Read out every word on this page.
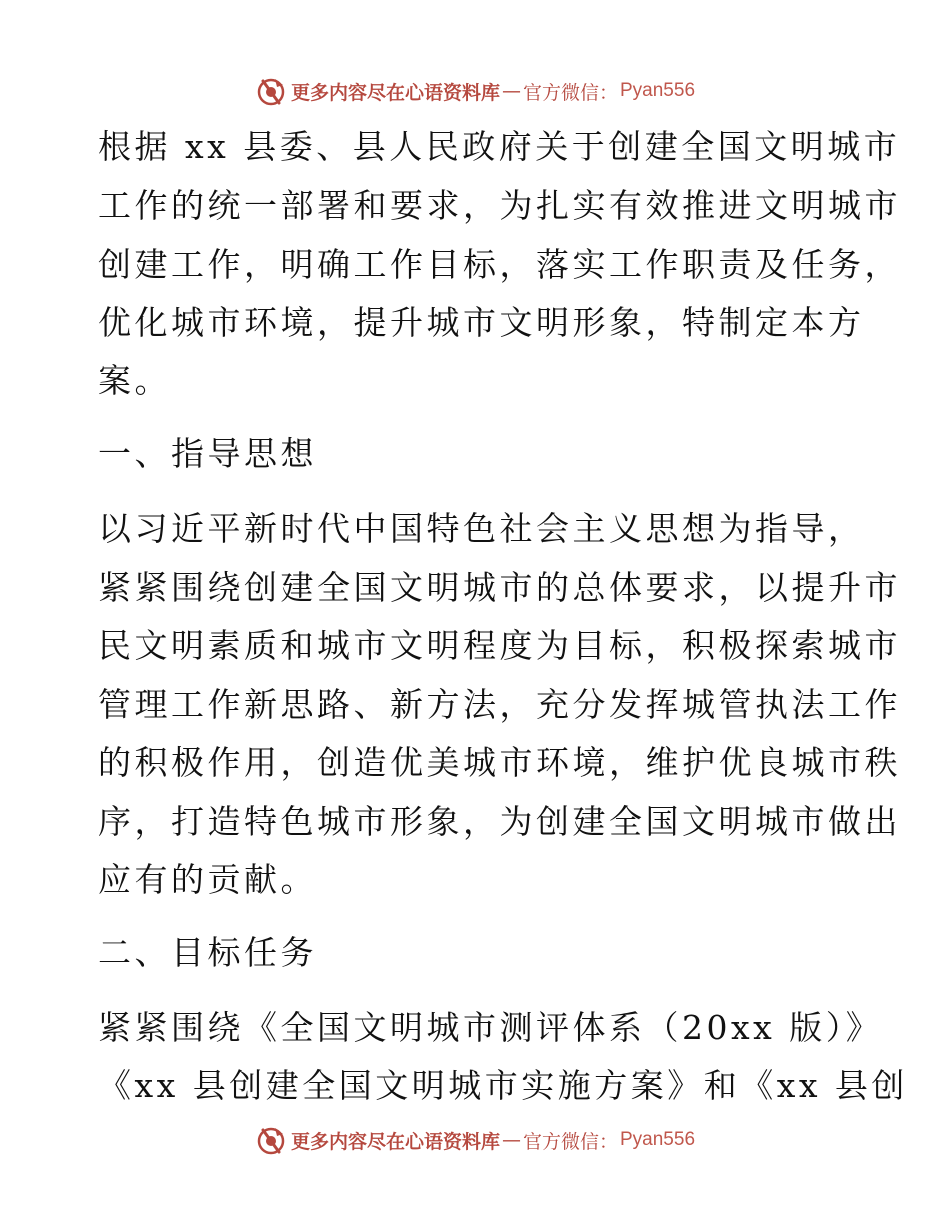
更多内容尽在心语资料库 — 官方微信： Pyan556
根据 xx 县委、县人民政府关于创建全国文明城市
工作的统一部署和要求，为扎实有效推进文明城市
创建工作，明确工作目标，落实工作职责及任务，
优化城市环境，提升城市文明形象，特制定本方
案。
一、指导思想
以习近平新时代中国特色社会主义思想为指导，
紧紧围绕创建全国文明城市的总体要求，以提升市
民文明素质和城市文明程度为目标，积极探索城市
管理工作新思路、新方法，充分发挥城管执法工作
的积极作用，创造优美城市环境，维护优良城市秩
序，打造特色城市形象，为创建全国文明城市做出
应有的贡献。
二、目标任务
紧紧围绕《全国文明城市测评体系（20xx 版）》
《xx 县创建全国文明城市实施方案》和《xx 县创
更多内容尽在心语资料库 — 官方微信： Pyan556
